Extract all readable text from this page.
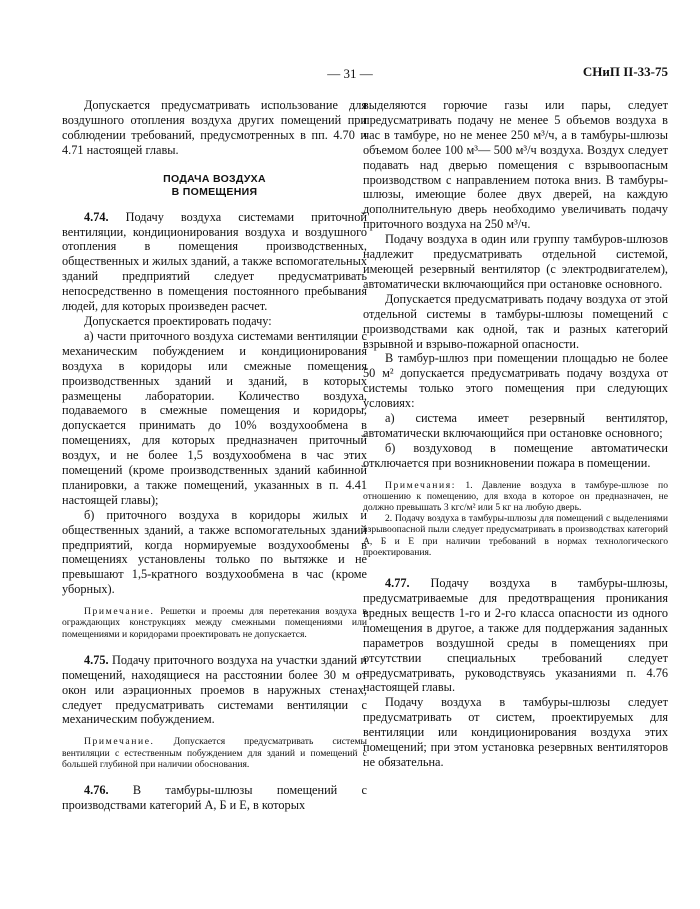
— 31 —	СНиП II-33-75

Допускается предусматривать использование для воздушного отопления воздуха других помещений при соблюдении требований, предусмотренных в пп. 4.70 и 4.71 настоящей главы.

ПОДАЧА ВОЗДУХА
В ПОМЕЩЕНИЯ

4.74. Подачу воздуха системами приточной вентиляции, кондиционирования воздуха и воздушного отопления в помещения производственных, общественных и жилых зданий, а также вспомогательных зданий предприятий следует предусматривать непосредственно в помещения постоянного пребывания людей, для которых произведен расчет.

Допускается проектировать подачу:

а) части приточного воздуха системами вентиляции с механическим побуждением и кондиционирования воздуха в коридоры или смежные помещения производственных зданий и зданий, в которых размещены лаборатории. Количество воздуха, подаваемого в смежные помещения и коридоры, допускается принимать до 10% воздухообмена в помещениях, для которых предназначен приточный воздух, и не более 1,5 воздухообмена в час этих помещений (кроме производственных зданий кабинной планировки, а также помещений, указанных в п. 4.41 настоящей главы);

б) приточного воздуха в коридоры жилых и общественных зданий, а также вспомогательных зданий предприятий, когда нормируемые воздухообмены в помещениях установлены только по вытяжке и не превышают 1,5-кратного воздухообмена в час (кроме уборных).

Примечание. Решетки и проемы для перетекания воздуха в ограждающих конструкциях между смежными помещениями или помещениями и коридорами проектировать не допускается.

4.75. Подачу приточного воздуха на участки зданий и помещений, находящиеся на расстоянии более 30 м от окон или аэрационных проемов в наружных стенах, следует предусматривать системами вентиляции с механическим побуждением.

Примечание. Допускается предусматривать системы вентиляции с естественным побуждением для зданий и помещений с большей глубиной при наличии обоснования.

4.76. В тамбуры-шлюзы помещений с производствами категорий А, Б и Е, в которых

выделяются горючие газы или пары, следует предусматривать подачу не менее 5 объемов воздуха в час в тамбуре, но не менее 250 м³/ч, а в тамбуры-шлюзы объемом более 100 м³— 500 м³/ч воздуха. Воздух следует подавать над дверью помещения с взрывоопасным производством с направлением потока вниз. В тамбуры-шлюзы, имеющие более двух дверей, на каждую дополнительную дверь необходимо увеличивать подачу приточного воздуха на 250 м³/ч.

Подачу воздуха в один или группу тамбуров-шлюзов надлежит предусматривать отдельной системой, имеющей резервный вентилятор (с электродвигателем), автоматически включающийся при остановке основного.

Допускается предусматривать подачу воздуха от этой отдельной системы в тамбуры-шлюзы помещений с производствами как одной, так и разных категорий взрывной и взрыво-пожарной опасности.

В тамбур-шлюз при помещении площадью не более 50 м² допускается предусматривать подачу воздуха от системы только этого помещения при следующих условиях:

а) система имеет резервный вентилятор, автоматически включающийся при остановке основного;

б) воздуховод в помещение автоматически отключается при возникновении пожара в помещении.

Примечания: 1. Давление воздуха в тамбуре-шлюзе по отношению к помещению, для входа в которое он предназначен, не должно превышать 3 кгс/м² или 5 кг на любую дверь.

2. Подачу воздуха в тамбуры-шлюзы для помещений с выделениями взрывоопасной пыли следует предусматривать в производствах категорий А, Б и Е при наличии требований в нормах технологического проектирования.

4.77. Подачу воздуха в тамбуры-шлюзы, предусматриваемые для предотвращения проникания вредных веществ 1-го и 2-го класса опасности из одного помещения в другое, а также для поддержания заданных параметров воздушной среды в помещениях при отсутствии специальных требований следует предусматривать, руководствуясь указаниями п. 4.76 настоящей главы.

Подачу воздуха в тамбуры-шлюзы следует предусматривать от систем, проектируемых для вентиляции или кондиционирования воздуха этих помещений; при этом установка резервных вентиляторов не обязательна.
